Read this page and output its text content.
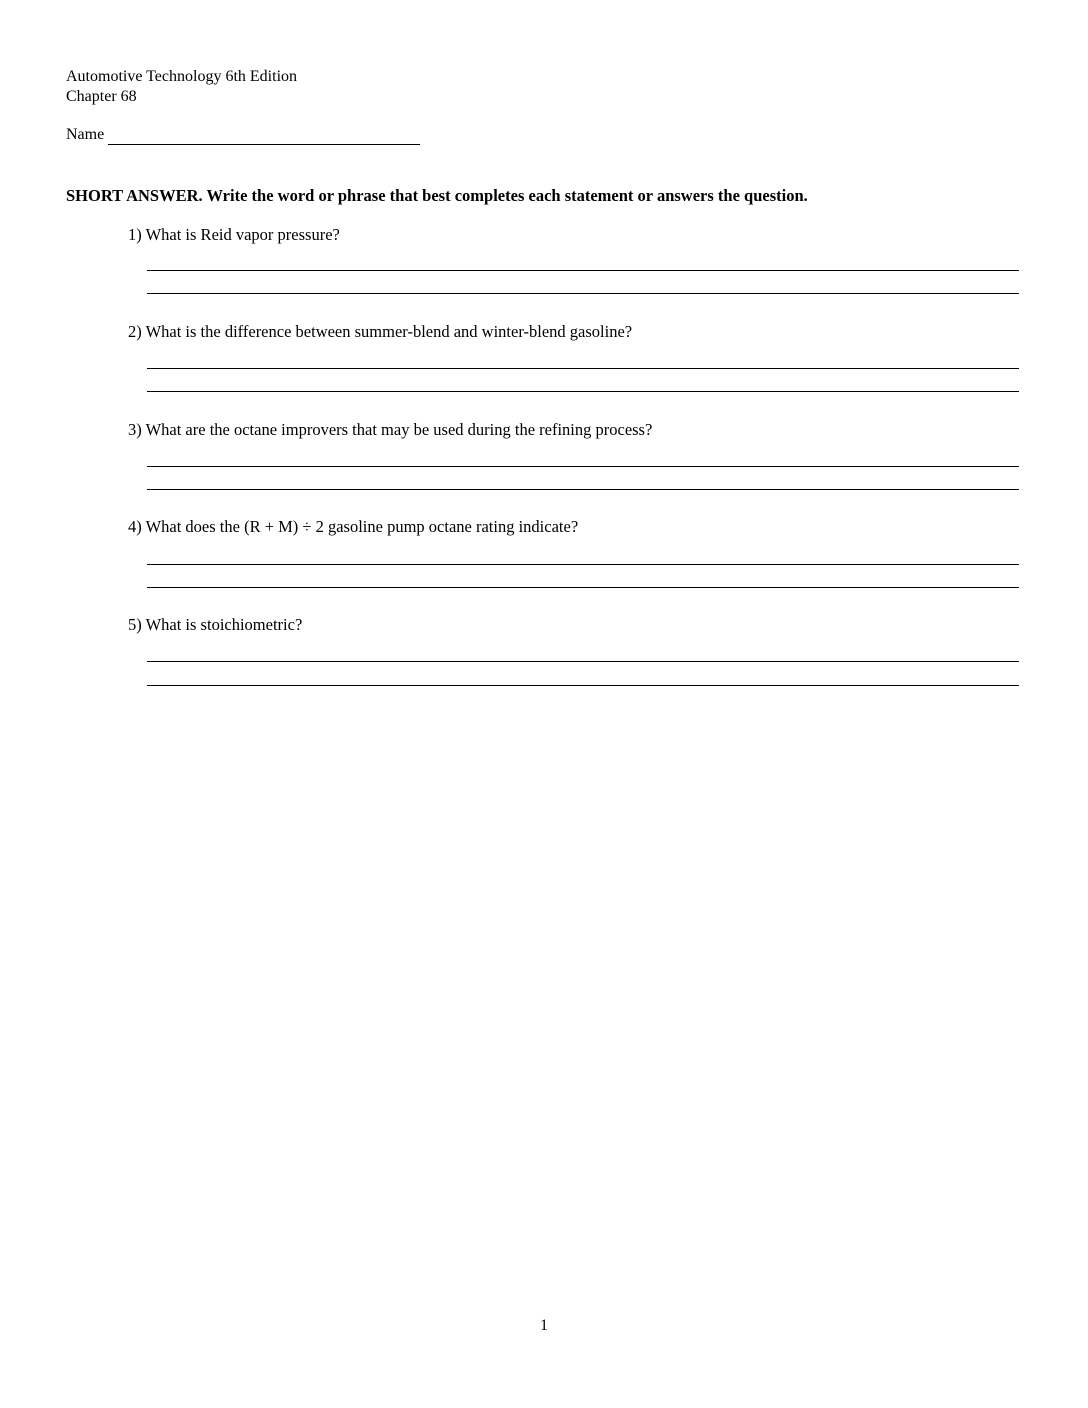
Automotive Technology 6th Edition
Chapter 68
Name
SHORT ANSWER. Write the word or phrase that best completes each statement or answers the question.
1) What is Reid vapor pressure?
2) What is the difference between summer-blend and winter-blend gasoline?
3) What are the octane improvers that may be used during the refining process?
4) What does the (R + M) ÷ 2 gasoline pump octane rating indicate?
5) What is stoichiometric?
1
